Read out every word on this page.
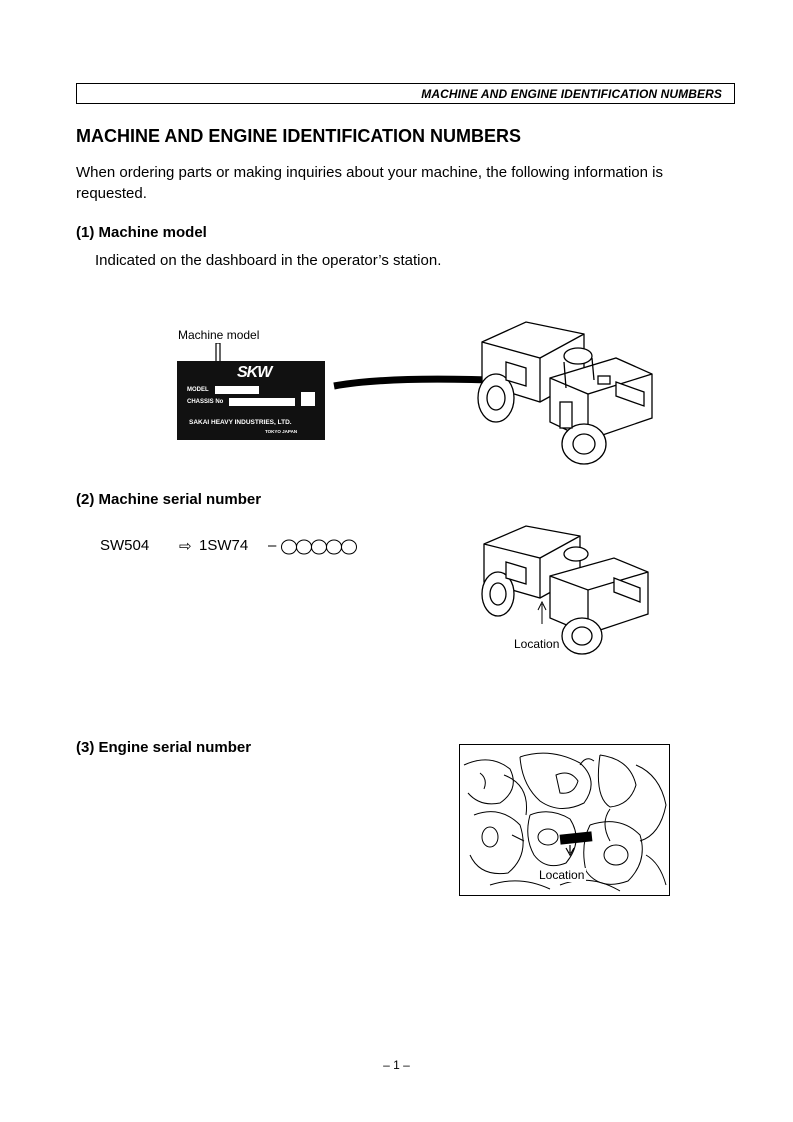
MACHINE AND ENGINE IDENTIFICATION NUMBERS
MACHINE AND ENGINE IDENTIFICATION NUMBERS

When ordering parts or making inquiries about your machine, the following information is requested.

(1) Machine model

Indicated on the dashboard in the operator’s station.

Machine model
SKW
MODEL
CHASSIS No
SAKAI HEAVY INDUSTRIES, LTD.
TOKYO JAPAN
(2) Machine serial number
SW504 ⇨ 1SW74 –
Location
(3) Engine serial number
Location
– 1 –
